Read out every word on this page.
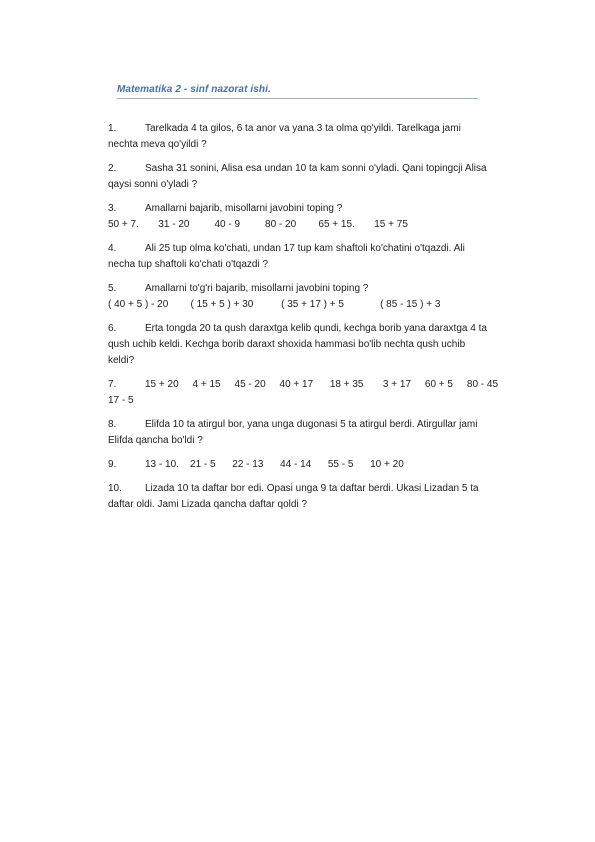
Matematika 2 - sinf nazorat ishi.
1.	Tarelkada 4 ta gilos, 6 ta anor va yana 3 ta olma qo'yildi. Tarelkaga jami
nechta meva qo'yildi ?
2.	Sasha 31 sonini, Alisa esa undan 10 ta kam sonni o'yladi. Qani topingcji Alisa
qaysi sonni o'yladi ?
3.	Amallarni bajarib, misollarni javobini toping ?
50 + 7.       31 - 20         40 - 9         80 - 20        65 + 15.       15 + 75
4.	Ali 25 tup olma ko'chati, undan 17 tup kam shaftoli ko'chatini o'tqazdi. Ali
necha tup shaftoli ko'chati o'tqazdi ?
5.	Amallarni to'g'ri bajarib, misollarni javobini toping ?
( 40 + 5 ) - 20        ( 15 + 5 ) + 30          ( 35 + 17 ) + 5             ( 85 - 15 ) + 3
6.	Erta tongda 20 ta qush daraxtga kelib qundi, kechga borib yana daraxtga 4 ta
qush uchib keldi. Kechga borib daraxt shoxida hammasi bo'lib nechta qush uchib
keldi?
7.	15 + 20     4 + 15     45 - 20     40 + 17      18 + 35       3 + 17     60 + 5     80 - 45
17 - 5
8.	Elifda 10 ta atirgul bor, yana unga dugonasi 5 ta atirgul berdi. Atirgullar jami
Elifda qancha bo'ldi ?
9.	13 - 10.    21 - 5      22 - 13      44 - 14      55 - 5      10 + 20
10. Lizada 10 ta daftar bor edi. Opasi unga 9 ta daftar berdi. Ukasi Lizadan 5 ta
daftar oldi. Jami Lizada qancha daftar qoldi ?
